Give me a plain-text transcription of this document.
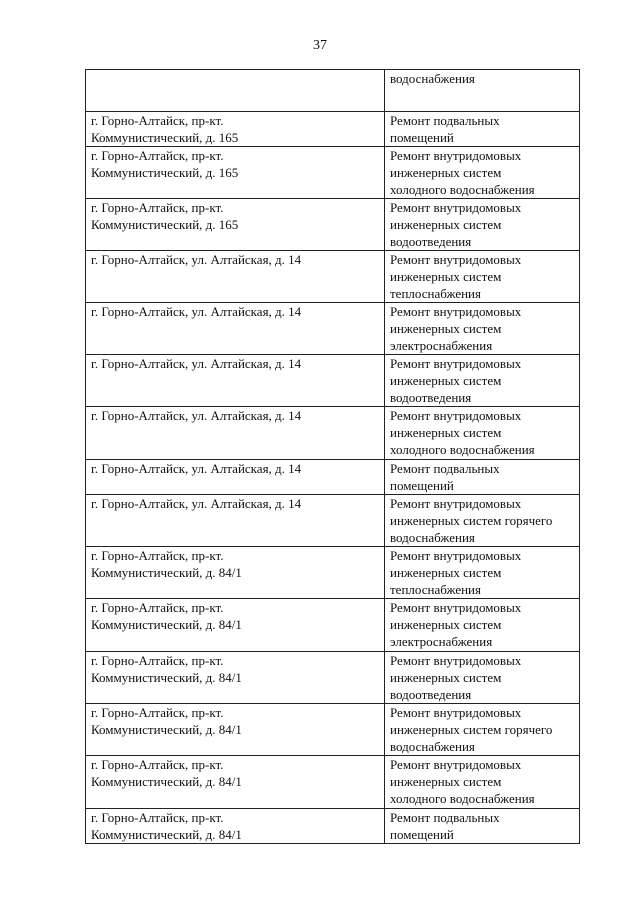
37

	водоснабжения

г. Горно-Алтайск, пр-кт.
Коммунистический, д. 165	Ремонт подвальных
помещений

г. Горно-Алтайск, пр-кт.
Коммунистический, д. 165	Ремонт внутридомовых
инженерных систем
холодного водоснабжения

г. Горно-Алтайск, пр-кт.
Коммунистический, д. 165	Ремонт внутридомовых
инженерных систем
водоотведения

г. Горно-Алтайск, ул. Алтайская, д. 14	Ремонт внутридомовых
инженерных систем
теплоснабжения

г. Горно-Алтайск, ул. Алтайская, д. 14	Ремонт внутридомовых
инженерных систем
электроснабжения

г. Горно-Алтайск, ул. Алтайская, д. 14	Ремонт внутридомовых
инженерных систем
водоотведения

г. Горно-Алтайск, ул. Алтайская, д. 14	Ремонт внутридомовых
инженерных систем
холодного водоснабжения

г. Горно-Алтайск, ул. Алтайская, д. 14	Ремонт подвальных
помещений

г. Горно-Алтайск, ул. Алтайская, д. 14	Ремонт внутридомовых
инженерных систем горячего
водоснабжения

г. Горно-Алтайск, пр-кт.
Коммунистический, д. 84/1	Ремонт внутридомовых
инженерных систем
теплоснабжения

г. Горно-Алтайск, пр-кт.
Коммунистический, д. 84/1	Ремонт внутридомовых
инженерных систем
электроснабжения

г. Горно-Алтайск, пр-кт.
Коммунистический, д. 84/1	Ремонт внутридомовых
инженерных систем
водоотведения

г. Горно-Алтайск, пр-кт.
Коммунистический, д. 84/1	Ремонт внутридомовых
инженерных систем горячего
водоснабжения

г. Горно-Алтайск, пр-кт.
Коммунистический, д. 84/1	Ремонт внутридомовых
инженерных систем
холодного водоснабжения

г. Горно-Алтайск, пр-кт.
Коммунистический, д. 84/1	Ремонт подвальных
помещений
